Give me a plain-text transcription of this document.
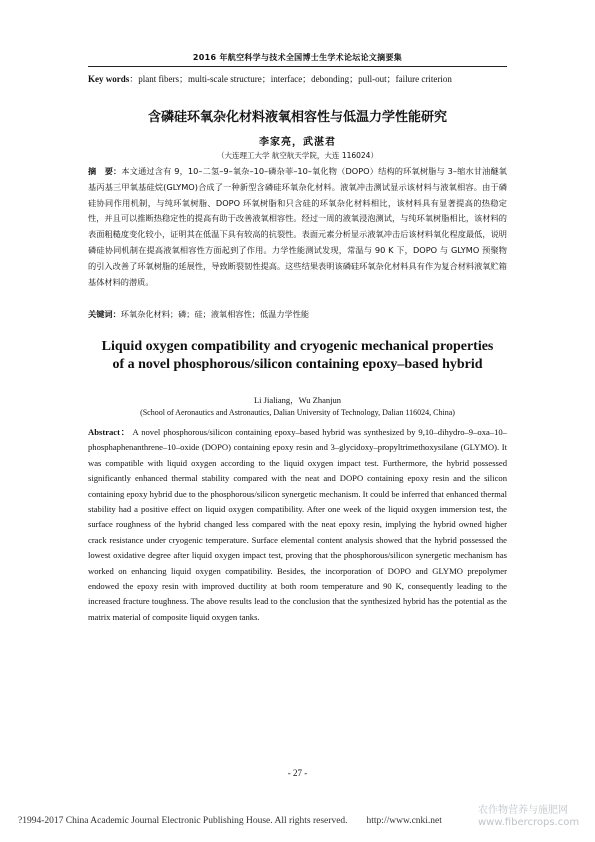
2016 年航空科学与技术全国博士生学术论坛论文摘要集
Key words：plant fibers；multi-scale structure；interface；debonding；pull-out；failure criterion
含磷硅环氧杂化材料液氧相容性与低温力学性能研究
李家亮，武湛君
（大连理工大学 航空航天学院，大连 116024）
摘　要：本文通过含有 9，10–二氢–9–氧杂–10–磷杂菲–10–氧化物（DOPO）结构的环氧树脂与 3–缩水甘油醚氧基丙基三甲氧基硅烷(GLYMO)合成了一种新型含磷硅环氧杂化材料。液氧冲击测试显示该材料与液氧相容。由于磷硅协同作用机制，与纯环氧树脂、DOPO 环氧树脂和只含硅的环氧杂化材料相比，该材料具有显著提高的热稳定性，并且可以推断热稳定性的提高有助于改善液氧相容性。经过一周的液氧浸泡测试，与纯环氧树脂相比，该材料的表面粗糙度变化较小，证明其在低温下具有较高的抗裂性。表面元素分析显示液氧冲击后该材料氧化程度最低，说明磷硅协同机制在提高液氧相容性方面起到了作用。力学性能测试发现，常温与 90 K 下，DOPO 与 GLYMO 预聚物的引入改善了环氧树脂的延展性，导致断裂韧性提高。这些结果表明该磷硅环氧杂化材料具有作为复合材料液氧贮箱基体材料的潜质。
关键词：环氧杂化材料；磷；硅；液氧相容性；低温力学性能
Liquid oxygen compatibility and cryogenic mechanical properties of a novel phosphorous/silicon containing epoxy–based hybrid
Li Jialiang，Wu Zhanjun
(School of Aeronautics and Astronautics, Dalian University of Technology, Dalian 116024, China)
Abstract： A novel phosphorous/silicon containing epoxy–based hybrid was synthesized by 9,10–dihydro–9–oxa–10–phosphaphenanthrene–10–oxide (DOPO) containing epoxy resin and 3–glycidoxy–propyltrimethoxysilane (GLYMO). It was compatible with liquid oxygen according to the liquid oxygen impact test. Furthermore, the hybrid possessed significantly enhanced thermal stability compared with the neat and DOPO containing epoxy resin and the silicon containing epoxy hybrid due to the phosphorous/silicon synergetic mechanism. It could be inferred that enhanced thermal stability had a positive effect on liquid oxygen compatibility. After one week of the liquid oxygen immersion test, the surface roughness of the hybrid changed less compared with the neat epoxy resin, implying the hybrid owned higher crack resistance under cryogenic temperature. Surface elemental content analysis showed that the hybrid possessed the lowest oxidative degree after liquid oxygen impact test, proving that the phosphorous/silicon synergetic mechanism has worked on enhancing liquid oxygen compatibility. Besides, the incorporation of DOPO and GLYMO prepolymer endowed the epoxy resin with improved ductility at both room temperature and 90 K, consequently leading to the increased fracture toughness. The above results lead to the conclusion that the synthesized hybrid has the potential as the matrix material of composite liquid oxygen tanks.
- 27 -
?1994-2017 China Academic Journal Electronic Publishing House. All rights reserved.　　http://www.cnki.net
农作物营养与施肥网
www.fibercrops.com
